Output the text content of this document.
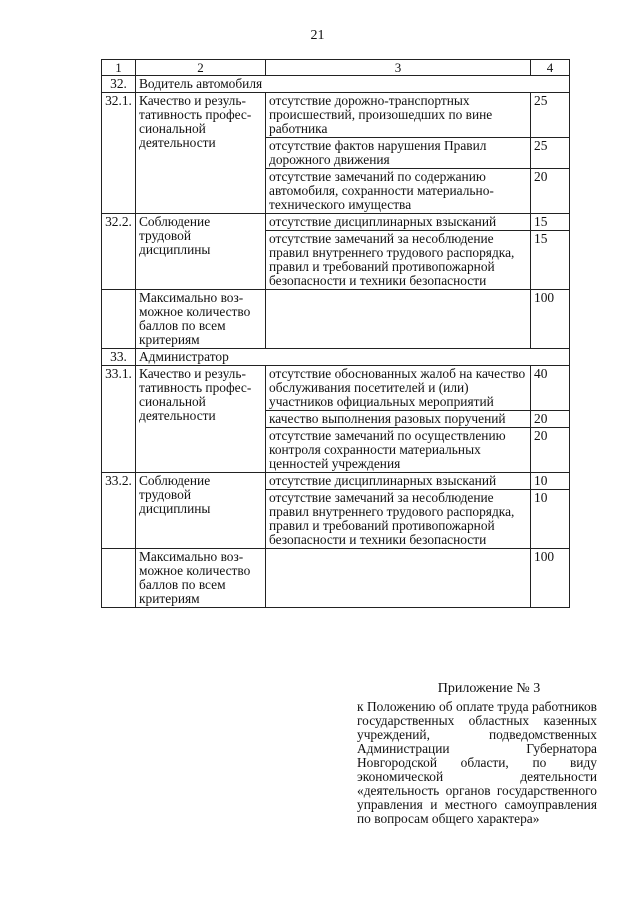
21
1	2	3	4
32.	Водитель автомобиля		
32.1.	Качество и резуль-тативность профес-сиональной деятельности	отсутствие дорожно-транспортных происшествий, произошедших по вине работника	25
		отсутствие фактов нарушения Правил дорожного движения	25
		отсутствие замечаний по содержанию автомобиля, сохранности материально-технического имущества	20
32.2.	Соблюдение трудовой дисциплины	отсутствие дисциплинарных взысканий	15
		отсутствие замечаний за несоблюдение правил внутреннего трудового распорядка, правил и требований противопожарной безопасности и техники безопасности	15
	Максимально воз-можное количество баллов по всем критериям		100
33.	Администратор		
33.1.	Качество и резуль-тативность профес-сиональной деятельности	отсутствие обоснованных жалоб на качество обслуживания посетителей и (или) участников официальных мероприятий	40
		качество выполнения разовых поручений	20
		отсутствие замечаний по осуществлению контроля сохранности материальных ценностей учреждения	20
33.2.	Соблюдение трудовой дисциплины	отсутствие дисциплинарных взысканий	10
		отсутствие замечаний за несоблюдение правил внутреннего трудового распорядка, правил и требований противопожарной безопасности и техники безопасности	10
	Максимально воз-можное количество баллов по всем критериям		100
Приложение № 3
к Положению об оплате труда работников государственных областных казенных учреждений, подведомственных Администрации Губернатора Новгородской области, по виду экономической деятельности «деятельность органов государственного управления и местного самоуправления по вопросам общего характера»
